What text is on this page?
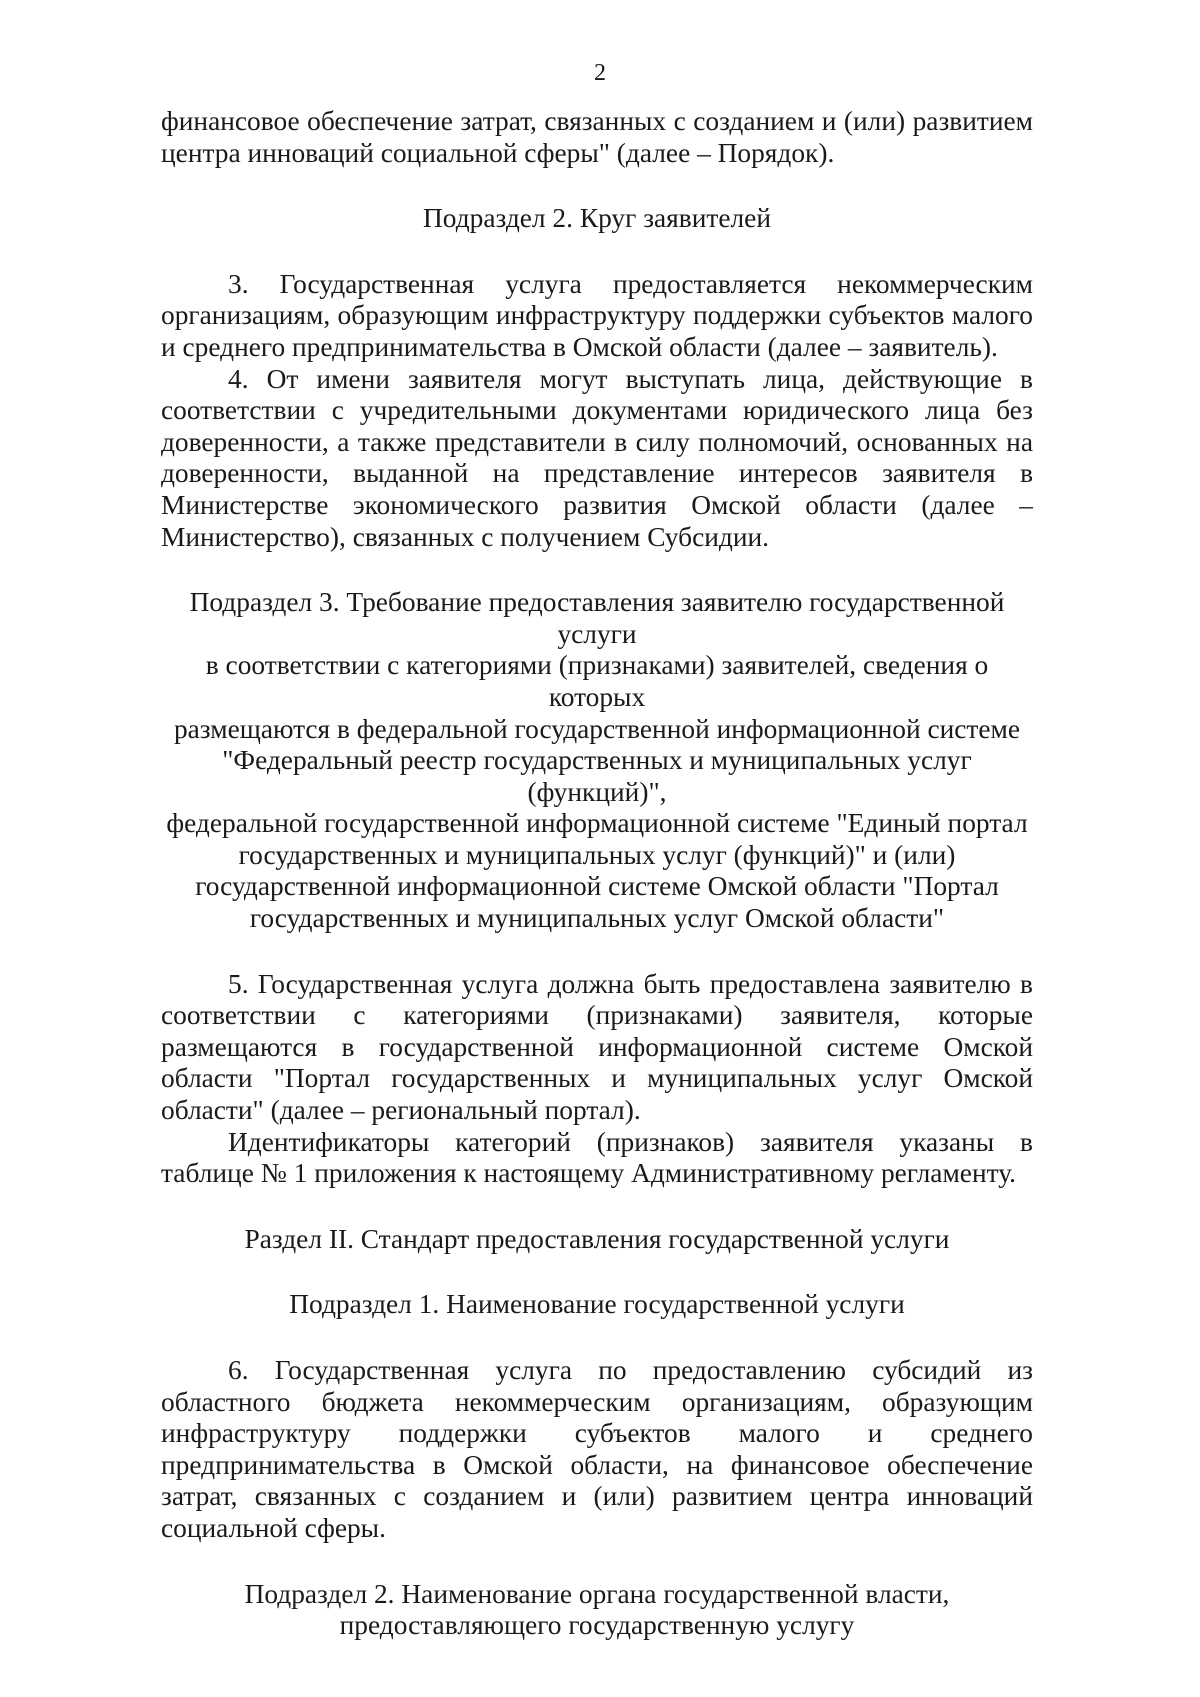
2

финансовое обеспечение затрат, связанных с созданием и (или) развитием центра инноваций социальной сферы" (далее – Порядок).

Подраздел 2. Круг заявителей

3. Государственная услуга предоставляется некоммерческим организациям, образующим инфраструктуру поддержки субъектов малого и среднего предпринимательства в Омской области (далее – заявитель).

4. От имени заявителя могут выступать лица, действующие в соответствии с учредительными документами юридического лица без доверенности, а также представители в силу полномочий, основанных на доверенности, выданной на представление интересов заявителя в Министерстве экономического развития Омской области (далее – Министерство), связанных с получением Субсидии.

Подраздел 3. Требование предоставления заявителю государственной услуги
в соответствии с категориями (признаками) заявителей, сведения о которых
размещаются в федеральной государственной информационной системе
"Федеральный реестр государственных и муниципальных услуг (функций)",
федеральной государственной информационной системе "Единый портал
государственных и муниципальных услуг (функций)" и (или)
государственной информационной системе Омской области "Портал
государственных и муниципальных услуг Омской области"

5. Государственная услуга должна быть предоставлена заявителю в соответствии с категориями (признаками) заявителя, которые размещаются в государственной информационной системе Омской области "Портал государственных и муниципальных услуг Омской области" (далее – региональный портал).

Идентификаторы категорий (признаков) заявителя указаны в таблице № 1 приложения к настоящему Административному регламенту.

Раздел II. Стандарт предоставления государственной услуги

Подраздел 1. Наименование государственной услуги

6. Государственная услуга по предоставлению субсидий из областного бюджета некоммерческим организациям, образующим инфраструктуру поддержки субъектов малого и среднего предпринимательства в Омской области, на финансовое обеспечение затрат, связанных с созданием и (или) развитием центра инноваций социальной сферы.

Подраздел 2. Наименование органа государственной власти,
предоставляющего государственную услугу
